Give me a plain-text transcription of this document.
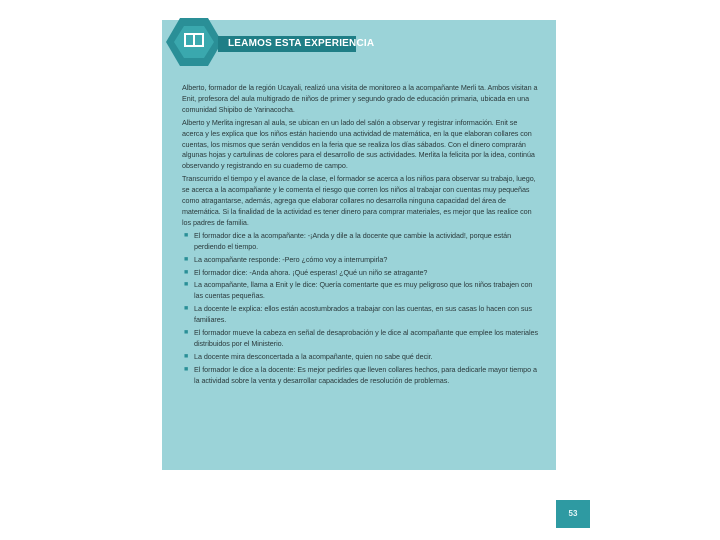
LEAMOS ESTA EXPERIENCIA

Alberto, formador de la región Ucayali, realizó una visita de monitoreo a la acompañante Merli ta. Ambos visitan a Enit, profesora del aula multigrado de niños de primer y segundo grado de educación primaria, ubicada en una comunidad Shipibo de Yarinacocha.

Alberto y Merlita ingresan al aula, se ubican en un lado del salón a observar y registrar información. Enit se acerca y les explica que los niños están haciendo una actividad de matemática, en la que elaboran collares con cuentas, los mismos que serán vendidos en la feria que se realiza los días sábados. Con el dinero comprarán algunas hojas y cartulinas de colores para el desarrollo de sus actividades. Merlita la felicita por la idea, continúa observando y registrando en su cuaderno de campo.

Transcurrido el tiempo y el avance de la clase, el formador se acerca a los niños para observar su trabajo, luego, se acerca a la acompañante y le comenta el riesgo que corren los niños al trabajar con cuentas muy pequeñas como atragantarse, además, agrega que elaborar collares no desarrolla ninguna capacidad del área de matemática. Si la finalidad de la actividad es tener dinero para comprar materiales, es mejor que las realice con los padres de familia.

■ El formador dice a la acompañante: -¡Anda y dile a la docente que cambie la actividad!, porque están perdiendo el tiempo.
■ La acompañante responde: -Pero ¿cómo voy a interrumpirla?
■ El formador dice: -Anda ahora. ¡Qué esperas! ¿Qué un niño se atragante?
■ La acompañante, llama a Enit y le dice: Quería comentarte que es muy peligroso que los niños trabajen con las cuentas pequeñas.
■ La docente le explica: ellos están acostumbrados a trabajar con las cuentas, en sus casas lo hacen con sus familiares.
■ El formador mueve la cabeza en señal de desaprobación y le dice al acompañante que emplee los materiales distribuidos por el Ministerio.
■ La docente mira desconcertada a la acompañante, quien no sabe qué decir.
■ El formador le dice a la docente: Es mejor pedirles que lleven collares hechos, para dedicarle mayor tiempo a la actividad sobre la venta y desarrollar capacidades de resolución de problemas.
53
